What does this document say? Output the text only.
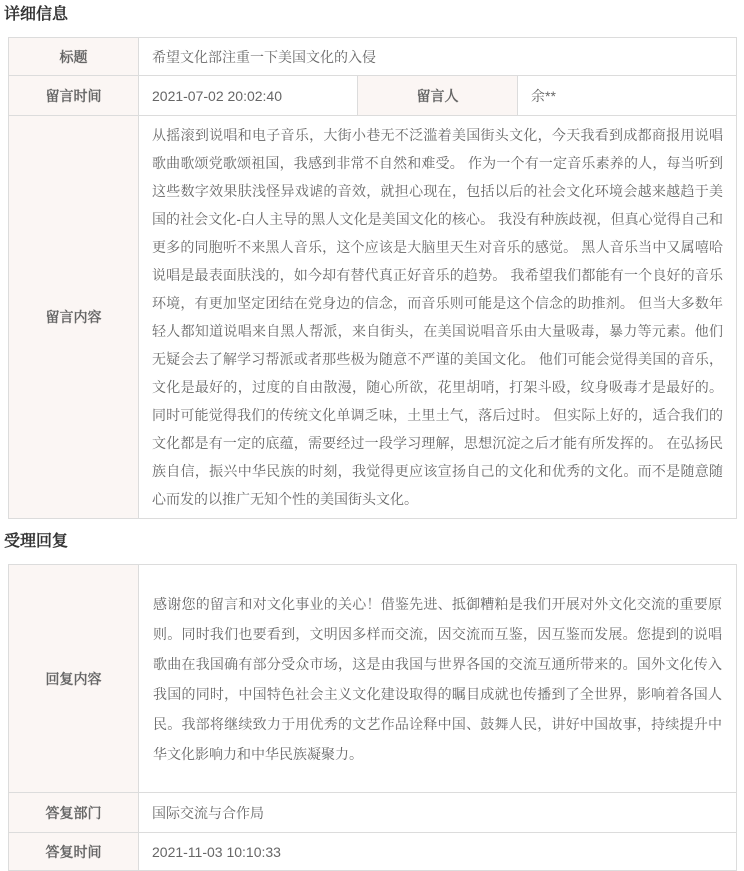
详细信息
标题	希望文化部注重一下美国文化的入侵		
留言时间	2021-07-02 20:02:40	留言人	余**
留言内容	从摇滚到说唱和电子音乐，大街小巷无不泛滥着美国街头文化，今天我看到成都商报用说唱歌曲歌颂党歌颂祖国，我感到非常不自然和难受。 作为一个有一定音乐素养的人，每当听到这些数字效果肤浅怪异戏谑的音效，就担心现在，包括以后的社会文化环境会越来越趋于美国的社会文化-白人主导的黑人文化是美国文化的核心。 我没有种族歧视，但真心觉得自己和更多的同胞听不来黑人音乐，这个应该是大脑里天生对音乐的感觉。 黑人音乐当中又属嘻哈说唱是最表面肤浅的，如今却有替代真正好音乐的趋势。 我希望我们都能有一个良好的音乐环境，有更加坚定团结在党身边的信念，而音乐则可能是这个信念的助推剂。 但当大多数年轻人都知道说唱来自黑人帮派，来自街头，在美国说唱音乐由大量吸毒，暴力等元素。他们无疑会去了解学习帮派或者那些极为随意不严谨的美国文化。 他们可能会觉得美国的音乐，文化是最好的，过度的自由散漫，随心所欲，花里胡哨，打架斗殴，纹身吸毒才是最好的。同时可能觉得我们的传统文化单调乏味，土里土气，落后过时。 但实际上好的，适合我们的文化都是有一定的底蕴，需要经过一段学习理解，思想沉淀之后才能有所发挥的。 在弘扬民族自信，振兴中华民族的时刻，我觉得更应该宣扬自己的文化和优秀的文化。而不是随意随心而发的以推广无知个性的美国街头文化。		
受理回复
回复内容	感谢您的留言和对文化事业的关心！借鉴先进、抵御糟粕是我们开展对外文化交流的重要原则。同时我们也要看到，文明因多样而交流，因交流而互鉴，因互鉴而发展。您提到的说唱歌曲在我国确有部分受众市场，这是由我国与世界各国的交流互通所带来的。国外文化传入我国的同时，中国特色社会主义文化建设取得的瞩目成就也传播到了全世界，影响着各国人民。我部将继续致力于用优秀的文艺作品诠释中国、鼓舞人民，讲好中国故事，持续提升中华文化影响力和中华民族凝聚力。
答复部门	国际交流与合作局
答复时间	2021-11-03 10:10:33
